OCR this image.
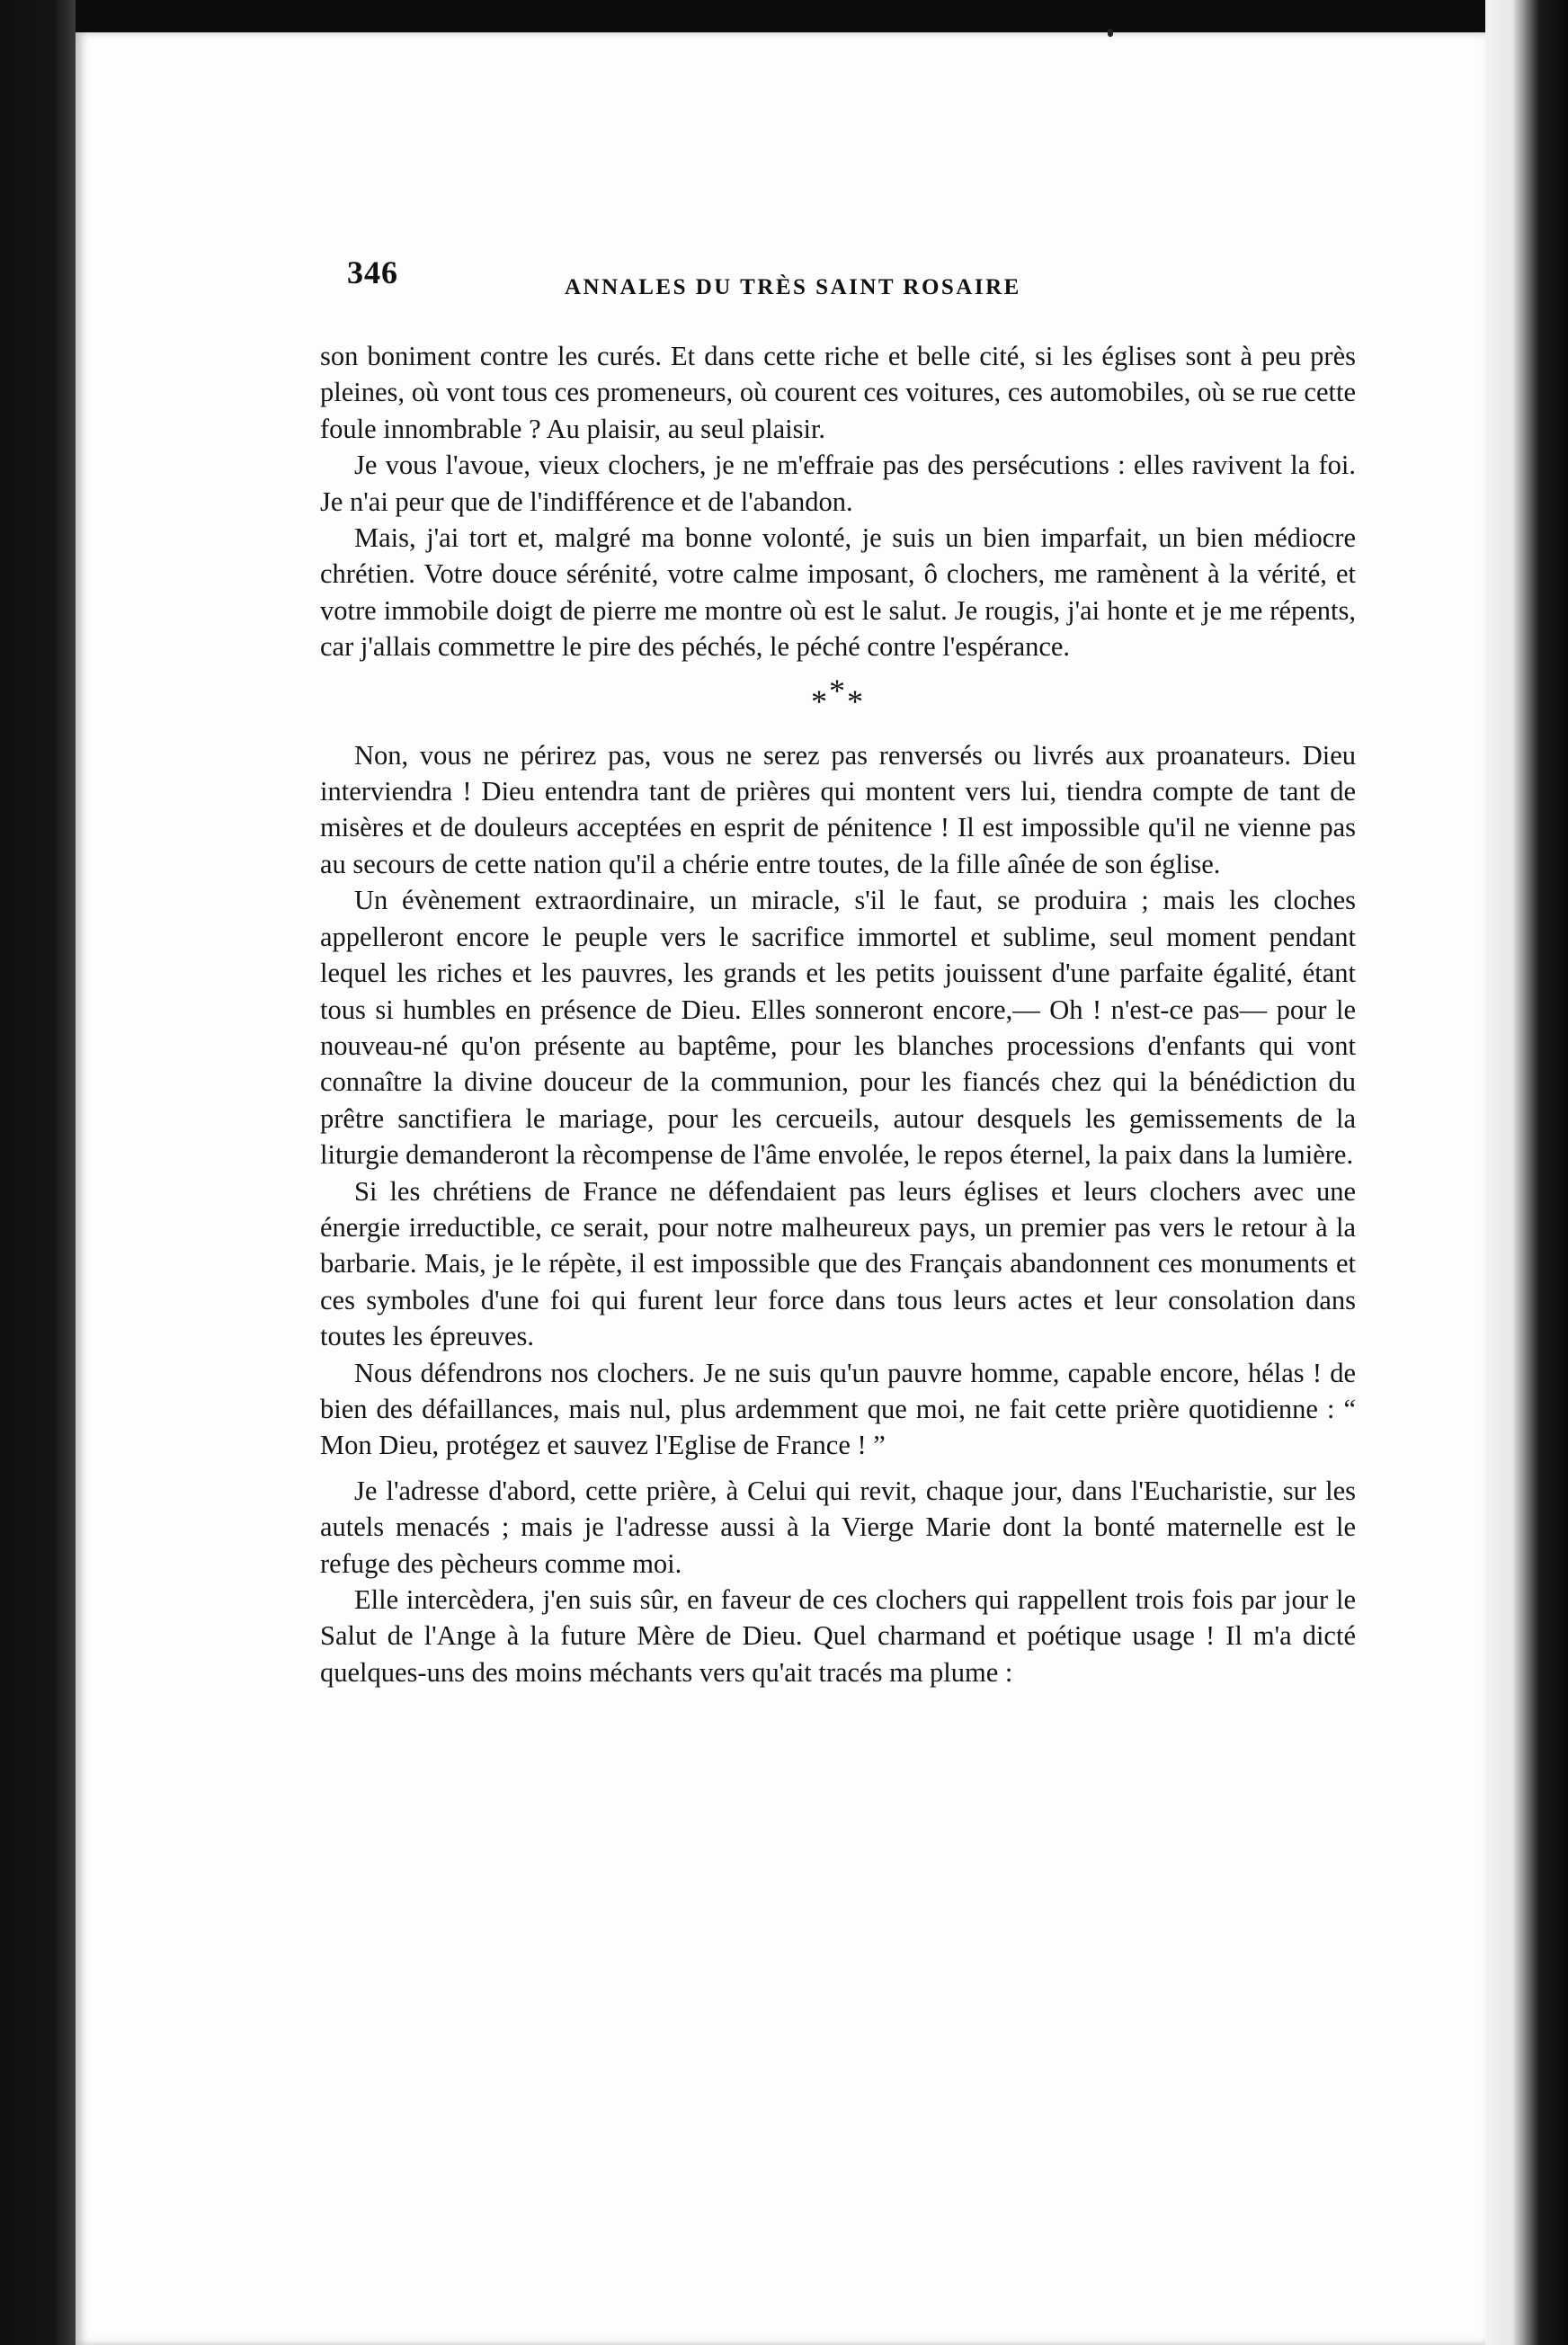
346	ANNALES DU TRÈS SAINT ROSAIRE

son boniment contre les curés. Et dans cette riche et belle cité, si les églises sont à peu près pleines, où vont tous ces promeneurs, où courent ces voitures, ces automobiles, où se rue cette foule innombrable ? Au plaisir, au seul plaisir.

Je vous l'avoue, vieux clochers, je ne m'effraie pas des persécutions : elles ravivent la foi. Je n'ai peur que de l'indifférence et de l'abandon.

Mais, j'ai tort et, malgré ma bonne volonté, je suis un bien imparfait, un bien médiocre chrétien. Votre douce sérénité, votre calme imposant, ô clochers, me ramènent à la vérité, et votre immobile doigt de pierre me montre où est le salut. Je rougis, j'ai honte et je me répents, car j'allais commettre le pire des péchés, le péché contre l'espérance.

***

Non, vous ne périrez pas, vous ne serez pas renversés ou livrés aux proanateurs. Dieu interviendra ! Dieu entendra tant de prières qui montent vers lui, tiendra compte de tant de misères et de douleurs acceptées en esprit de pénitence ! Il est impossible qu'il ne vienne pas au secours de cette nation qu'il a chérie entre toutes, de la fille aînée de son église.

Un évènement extraordinaire, un miracle, s'il le faut, se produira ; mais les cloches appelleront encore le peuple vers le sacrifice immortel et sublime, seul moment pendant lequel les riches et les pauvres, les grands et les petits jouissent d'une parfaite égalité, étant tous si humbles en présence de Dieu. Elles sonneront encore,— Oh ! n'est-ce pas— pour le nouveau-né qu'on présente au baptême, pour les blanches processions d'enfants qui vont connaître la divine douceur de la communion, pour les fiancés chez qui la bénédiction du prêtre sanctifiera le mariage, pour les cercueils, autour desquels les gemissements de la liturgie demanderont la rècompense de l'âme envolée, le repos éternel, la paix dans la lumière.

Si les chrétiens de France ne défendaient pas leurs églises et leurs clochers avec une énergie irreductible, ce serait, pour notre malheureux pays, un premier pas vers le retour à la barbarie. Mais, je le répète, il est impossible que des Français abandonnent ces monuments et ces symboles d'une foi qui furent leur force dans tous leurs actes et leur consolation dans toutes les épreuves.

Nous défendrons nos clochers. Je ne suis qu'un pauvre homme, capable encore, hélas ! de bien des défaillances, mais nul, plus ardemment que moi, ne fait cette prière quotidienne : “ Mon Dieu, protégez et sauvez l'Eglise de France ! ”

Je l'adresse d'abord, cette prière, à Celui qui revit, chaque jour, dans l'Eucharistie, sur les autels menacés ; mais je l'adresse aussi à la Vierge Marie dont la bonté maternelle est le refuge des pècheurs comme moi.

Elle intercèdera, j'en suis sûr, en faveur de ces clochers qui rappellent trois fois par jour le Salut de l'Ange à la future Mère de Dieu. Quel charmand et poétique usage ! Il m'a dicté quelques-uns des moins méchants vers qu'ait tracés ma plume :
